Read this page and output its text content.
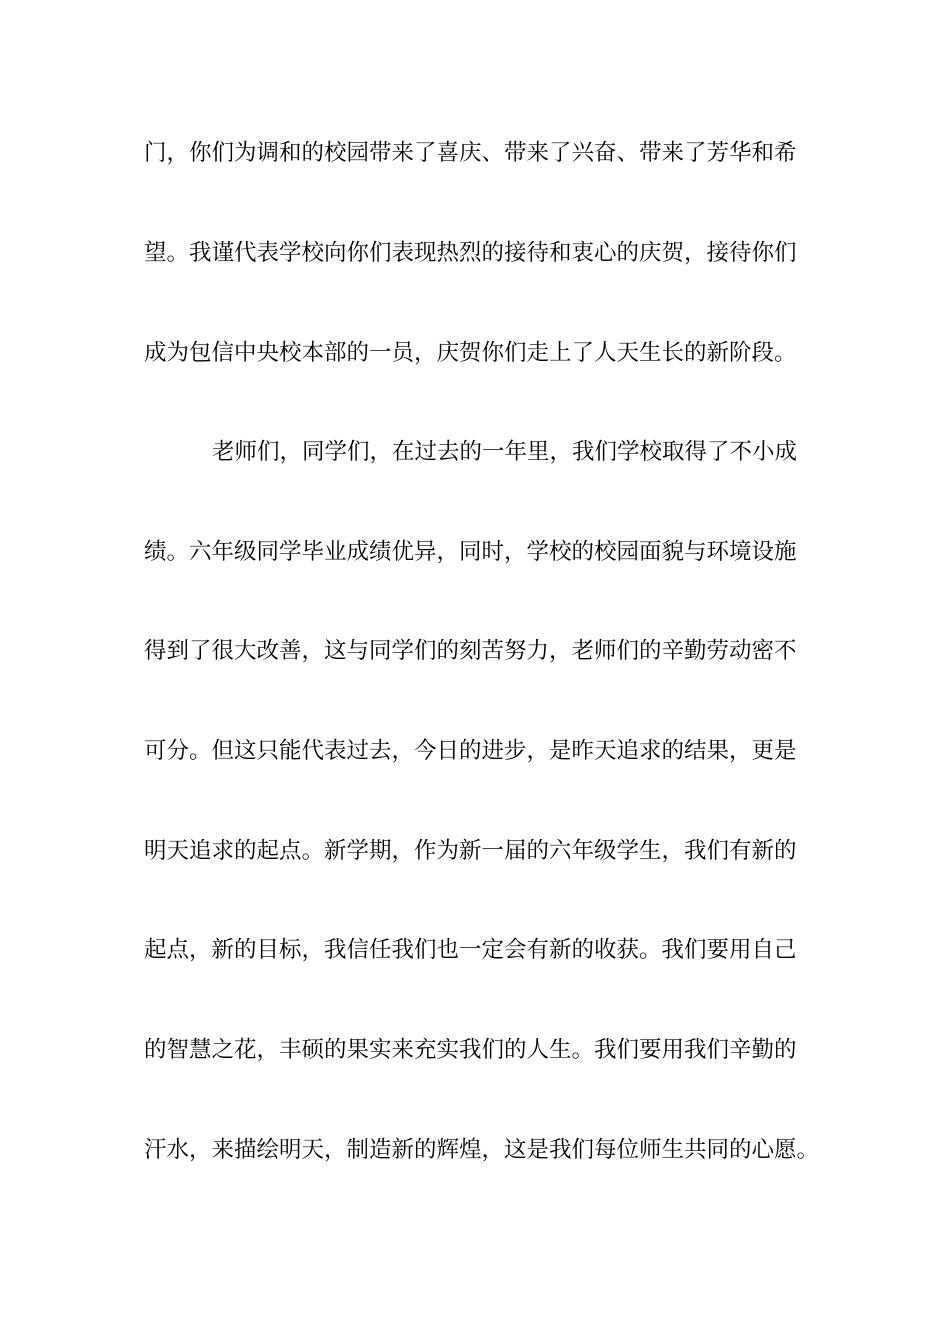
门，你们为调和的校园带来了喜庆、带来了兴奋、带来了芳华和希
望。我谨代表学校向你们表现热烈的接待和衷心的庆贺，接待你们
成为包信中央校本部的一员，庆贺你们走上了人天生长的新阶段。
老师们，同学们，在过去的一年里，我们学校取得了不小成
绩。六年级同学毕业成绩优异，同时，学校的校园面貌与环境设施
得到了很大改善，这与同学们的刻苦努力，老师们的辛勤劳动密不
可分。但这只能代表过去，今日的进步，是昨天追求的结果，更是
明天追求的起点。新学期，作为新一届的六年级学生，我们有新的
起点，新的目标，我信任我们也一定会有新的收获。我们要用自己
的智慧之花，丰硕的果实来充实我们的人生。我们要用我们辛勤的
汗水，来描绘明天，制造新的辉煌，这是我们每位师生共同的心愿。
